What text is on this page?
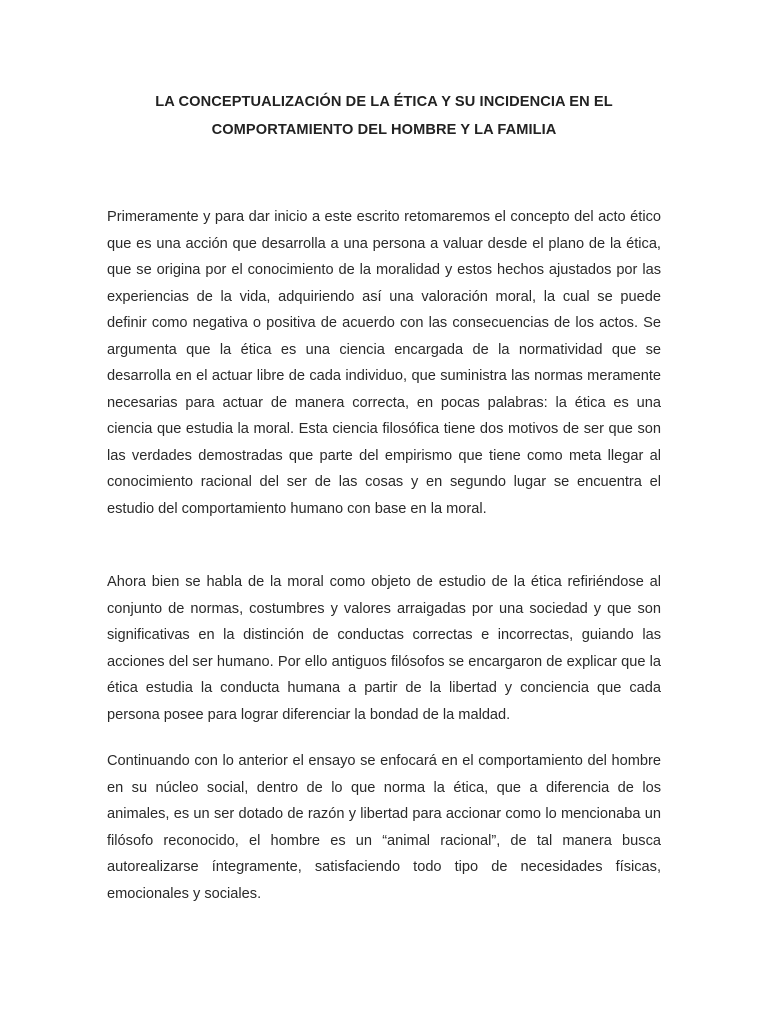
LA CONCEPTUALIZACIÓN DE LA ÉTICA Y SU INCIDENCIA EN EL
COMPORTAMIENTO DEL HOMBRE Y LA FAMILIA

Primeramente y para dar inicio a este escrito retomaremos el concepto del acto ético que es una acción que desarrolla a una persona a valuar desde el plano de la ética, que se origina por el conocimiento de la moralidad y estos hechos ajustados por las experiencias de la vida, adquiriendo así una valoración moral, la cual se puede definir como negativa o positiva de acuerdo con las consecuencias de los actos. Se argumenta que la ética es una ciencia encargada de la normatividad que se desarrolla en el actuar libre de cada individuo, que suministra las normas meramente necesarias para actuar de manera correcta, en pocas palabras: la ética es una ciencia que estudia la moral. Esta ciencia filosófica tiene dos motivos de ser que son las verdades demostradas que parte del empirismo que tiene como meta llegar al conocimiento racional del ser de las cosas y en segundo lugar se encuentra el estudio del comportamiento humano con base en la moral.

Ahora bien se habla de la moral como objeto de estudio de la ética refiriéndose al conjunto de normas, costumbres y valores arraigadas por una sociedad y que son significativas en la distinción de conductas correctas e incorrectas, guiando las acciones del ser humano. Por ello antiguos filósofos se encargaron de explicar que la ética estudia la conducta humana a partir de la libertad y conciencia que cada persona posee para lograr diferenciar la bondad de la maldad.

Continuando con lo anterior el ensayo se enfocará en el comportamiento del hombre en su núcleo social, dentro de lo que norma la ética, que a diferencia de los animales, es un ser dotado de razón y libertad para accionar como lo mencionaba un filósofo reconocido, el hombre es un “animal racional”, de tal manera busca autorealizarse íntegramente, satisfaciendo todo tipo de necesidades físicas, emocionales y sociales.
